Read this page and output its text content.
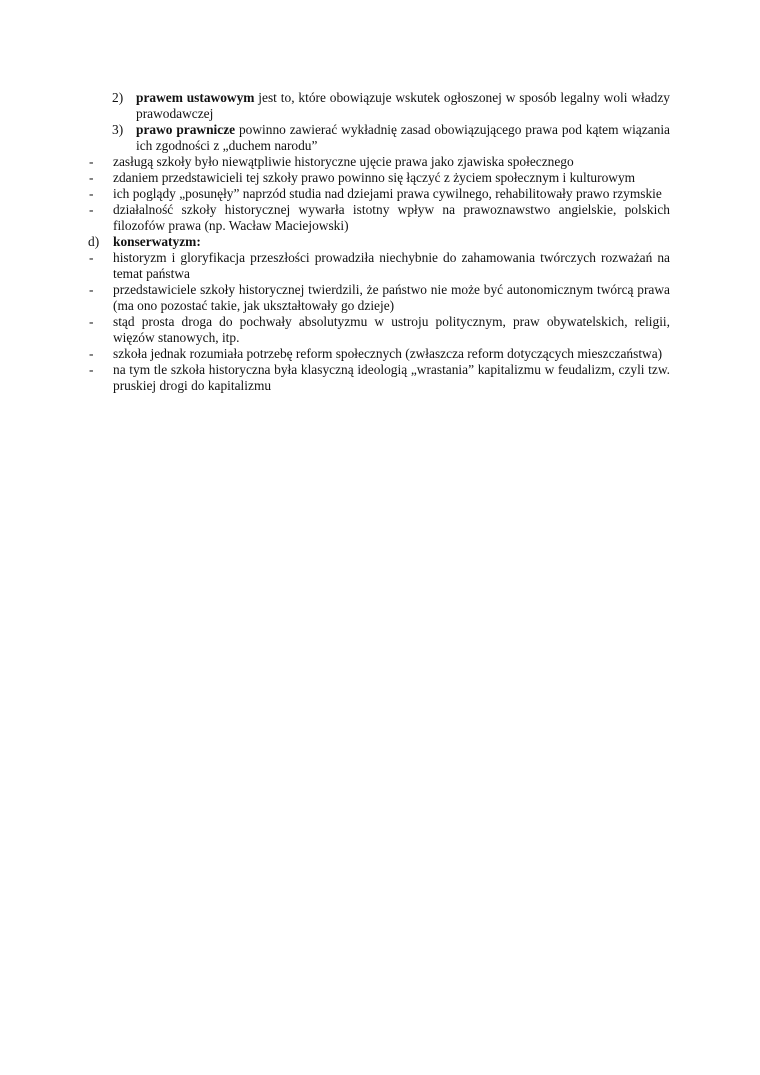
2) prawem ustawowym jest to, które obowiązuje wskutek ogłoszonej w sposób legalny woli władzy prawodawczej
3) prawo prawnicze powinno zawierać wykładnię zasad obowiązującego prawa pod kątem wiązania ich zgodności z „duchem narodu”
- zasługą szkoły było niewątpliwie historyczne ujęcie prawa jako zjawiska społecznego
- zdaniem przedstawicieli tej szkoły prawo powinno się łączyć z życiem społecznym i kulturowym
- ich poglądy „posunęły” naprzód studia nad dziejami prawa cywilnego, rehabilitowały prawo rzymskie
- działalność szkoły historycznej wywarła istotny wpływ na prawoznawstwo angielskie, polskich filozofów prawa (np. Wacław Maciejowski)
d) konserwatyzm:
- historyzm i gloryfikacja przeszłości prowadziła niechybnie do zahamowania twórczych rozważań na temat państwa
- przedstawiciele szkoły historycznej twierdzili, że państwo nie może być autonomicznym twórcą prawa (ma ono pozostać takie, jak ukształtowały go dzieje)
- stąd prosta droga do pochwały absolutyzmu w ustroju politycznym, praw obywatelskich, religii, więzów stanowych, itp.
- szkoła jednak rozumiała potrzebę reform społecznych (zwłaszcza reform dotyczących mieszczaństwa)
- na tym tle szkoła historyczna była klasyczną ideologią „wrastania” kapitalizmu w feudalizm, czyli tzw. pruskiej drogi do kapitalizmu
